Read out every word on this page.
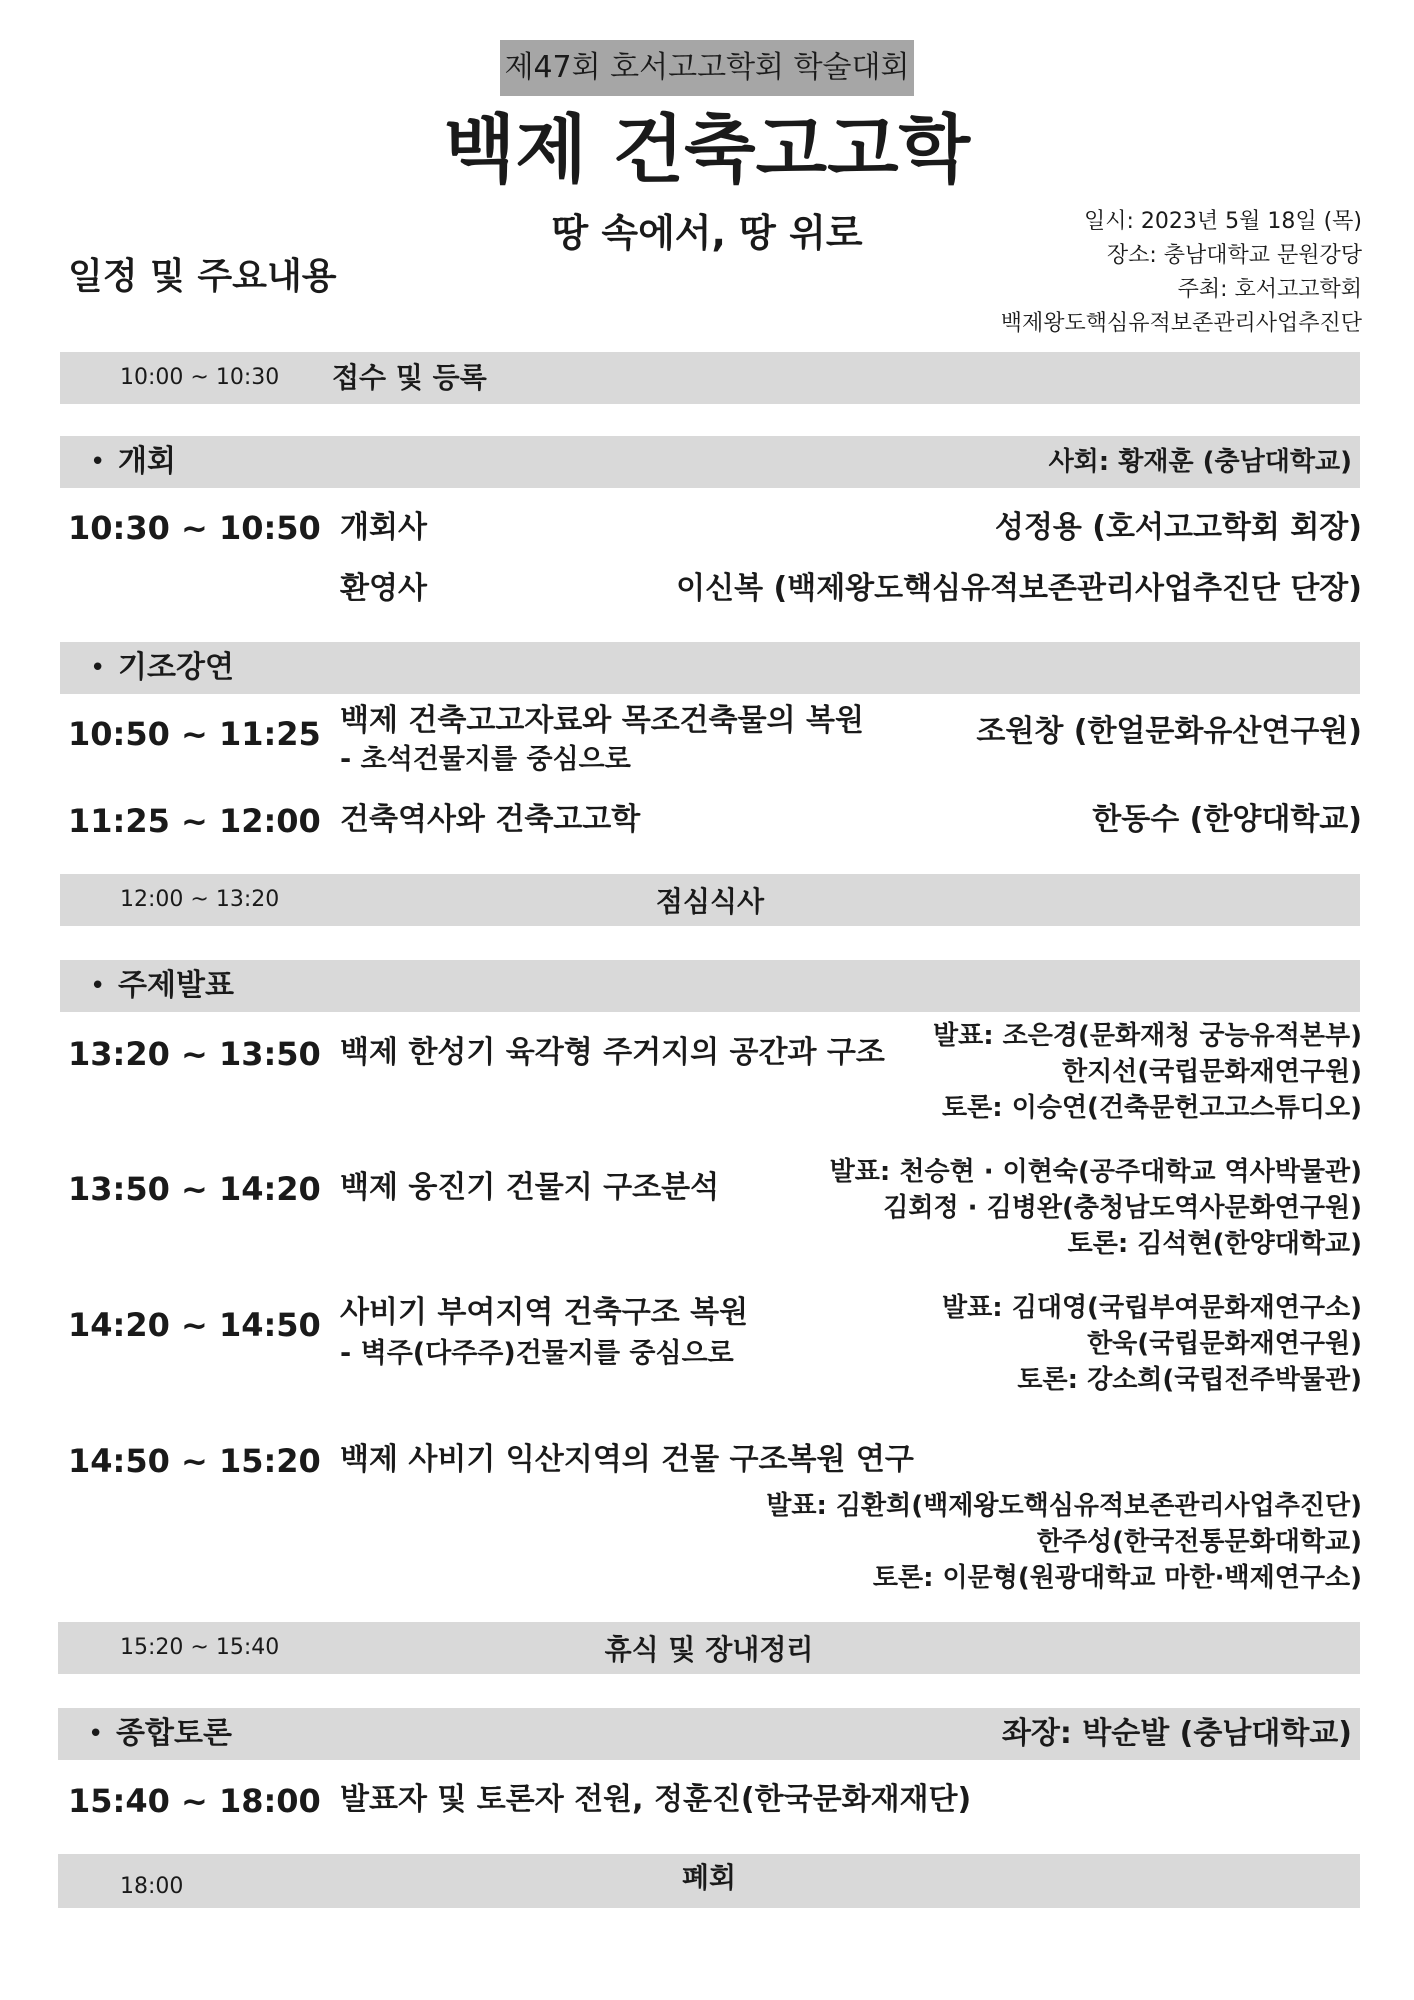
제47회 호서고고학회 학술대회
백제 건축고고학
땅 속에서, 땅 위로
일정 및 주요내용
일시: 2023년 5월 18일 (목)
장소: 충남대학교 문원강당
주최: 호서고고학회
백제왕도핵심유적보존관리사업추진단
10:00 ~ 10:30 접수 및 등록
• 개회	사회: 황재훈 (충남대학교)
10:30 ~ 10:50 개회사	성정용 (호서고고학회 회장)
환영사	이신복 (백제왕도핵심유적보존관리사업추진단 단장)
• 기조강연
10:50 ~ 11:25 백제 건축고고자료와 목조건축물의 복원
- 초석건물지를 중심으로
조원창 (한얼문화유산연구원)
11:25 ~ 12:00 건축역사와 건축고고학	한동수 (한양대학교)
12:00 ~ 13:20	점심식사
• 주제발표
13:20 ~ 13:50 백제 한성기 육각형 주거지의 공간과 구조 발표: 조은경(문화재청 궁능유적본부)
한지선(국립문화재연구원)
토론: 이승연(건축문헌고고스튜디오)
13:50 ~ 14:20 백제 웅진기 건물지 구조분석	발표: 천승현 · 이현숙(공주대학교 역사박물관)
김회정 · 김병완(충청남도역사문화연구원)
토론: 김석현(한양대학교)
14:20 ~ 14:50 사비기 부여지역 건축구조 복원
- 벽주(다주주)건물지를 중심으로
발표: 김대영(국립부여문화재연구소)
한욱(국립문화재연구원)
토론: 강소희(국립전주박물관)
14:50 ~ 15:20 백제 사비기 익산지역의 건물 구조복원 연구
발표: 김환희(백제왕도핵심유적보존관리사업추진단)
한주성(한국전통문화대학교)
토론: 이문형(원광대학교 마한·백제연구소)
15:20 ~ 15:40	휴식 및 장내정리
• 종합토론	좌장: 박순발 (충남대학교)
15:40 ~ 18:00 발표자 및 토론자 전원, 정훈진(한국문화재재단)
18:00	폐회
